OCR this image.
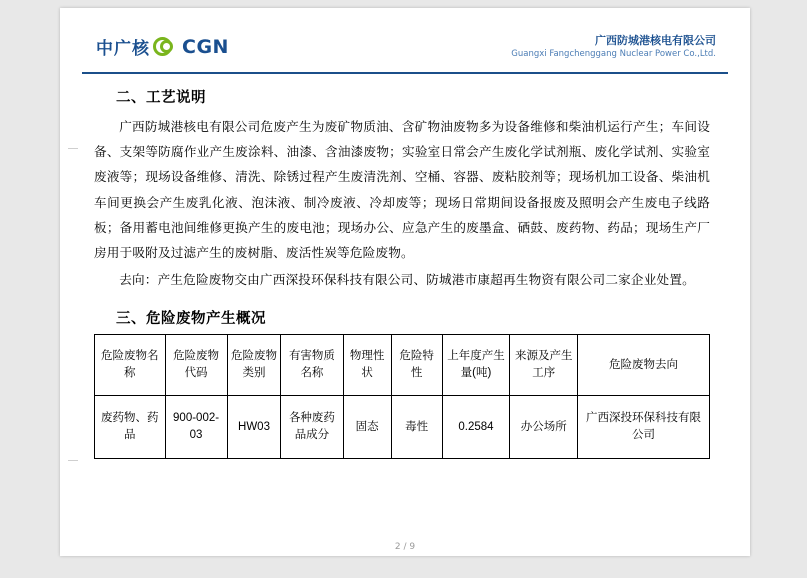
中广核 CGN	广西防城港核电有限公司
Guangxi Fangchenggang Nuclear Power Co.,Ltd.
二、工艺说明

广西防城港核电有限公司危废产生为废矿物质油、含矿物油废物多为设备维修和柴油机运行产生；车间设备、支架等防腐作业产生废涂料、油漆、含油漆废物；实验室日常会产生废化学试剂瓶、废化学试剂、实验室废液等；现场设备维修、清洗、除锈过程产生废清洗剂、空桶、容器、废粘胶剂等；现场机加工设备、柴油机车间更换会产生废乳化液、泡沫液、制冷废液、冷却废等；现场日常期间设备报废及照明会产生废电子线路板；备用蓄电池间维修更换产生的废电池；现场办公、应急产生的废墨盒、硒鼓、废药物、药品；现场生产厂房用于吸附及过滤产生的废树脂、废活性炭等危险废物。

去向：产生危险废物交由广西深投环保科技有限公司、防城港市康超再生物资有限公司二家企业处置。

三、危险废物产生概况
危险废物名称	危险废物代码	危险废物类别	有害物质名称	物理性状	危险特性	上年度产生量(吨)	来源及产生工序	危险废物去向
废药物、药品	900-002-03	HW03	各种废药品成分	固态	毒性	0.2584	办公场所	广西深投环保科技有限公司
2 / 9
